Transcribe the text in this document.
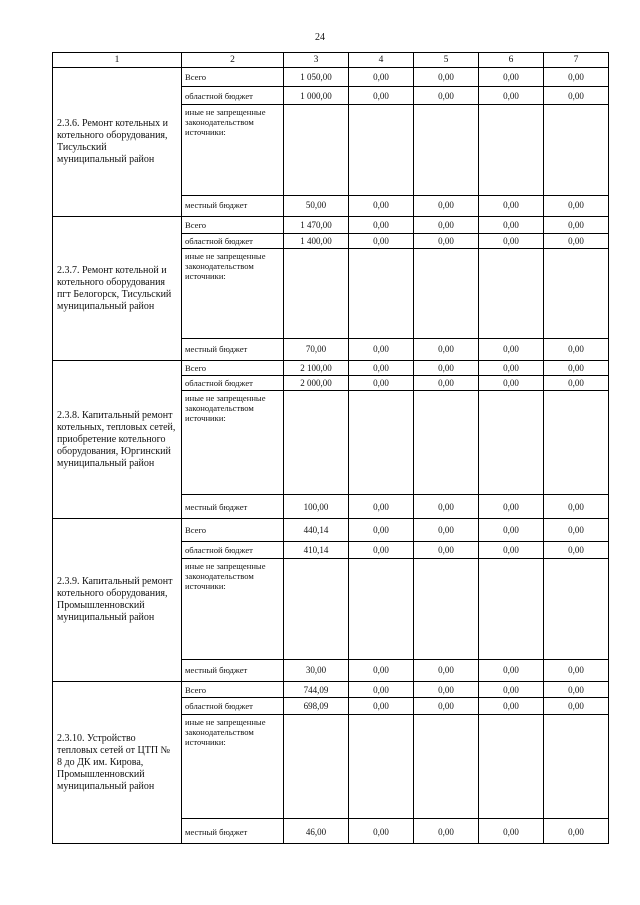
24
1	2	3	4	5	6	7
2.3.6. Ремонт котельных и котельного оборудования, Тисульский муниципальный район	Всего	1 050,00	0,00	0,00	0,00	0,00
	областной бюджет	1 000,00	0,00	0,00	0,00	0,00
	иные не запрещенные законодательством источники:					
	местный бюджет	50,00	0,00	0,00	0,00	0,00
2.3.7. Ремонт котельной и котельного оборудования пгт Белогорск, Тисульский муниципальный район	Всего	1 470,00	0,00	0,00	0,00	0,00
	областной бюджет	1 400,00	0,00	0,00	0,00	0,00
	иные не запрещенные законодательством источники:					
	местный бюджет	70,00	0,00	0,00	0,00	0,00
2.3.8. Капитальный ремонт котельных, тепловых сетей, приобретение котельного оборудования, Юргинский муниципальный район	Всего	2 100,00	0,00	0,00	0,00	0,00
	областной бюджет	2 000,00	0,00	0,00	0,00	0,00
	иные не запрещенные законодательством источники:					
	местный бюджет	100,00	0,00	0,00	0,00	0,00
2.3.9. Капитальный ремонт котельного оборудования, Промышленновский муниципальный район	Всего	440,14	0,00	0,00	0,00	0,00
	областной бюджет	410,14	0,00	0,00	0,00	0,00
	иные не запрещенные законодательством источники:					
	местный бюджет	30,00	0,00	0,00	0,00	0,00
2.3.10. Устройство тепловых сетей от ЦТП № 8 до ДК им. Кирова, Промышленновский муниципальный район	Всего	744,09	0,00	0,00	0,00	0,00
	областной бюджет	698,09	0,00	0,00	0,00	0,00
	иные не запрещенные законодательством источники:					
	местный бюджет	46,00	0,00	0,00	0,00	0,00
